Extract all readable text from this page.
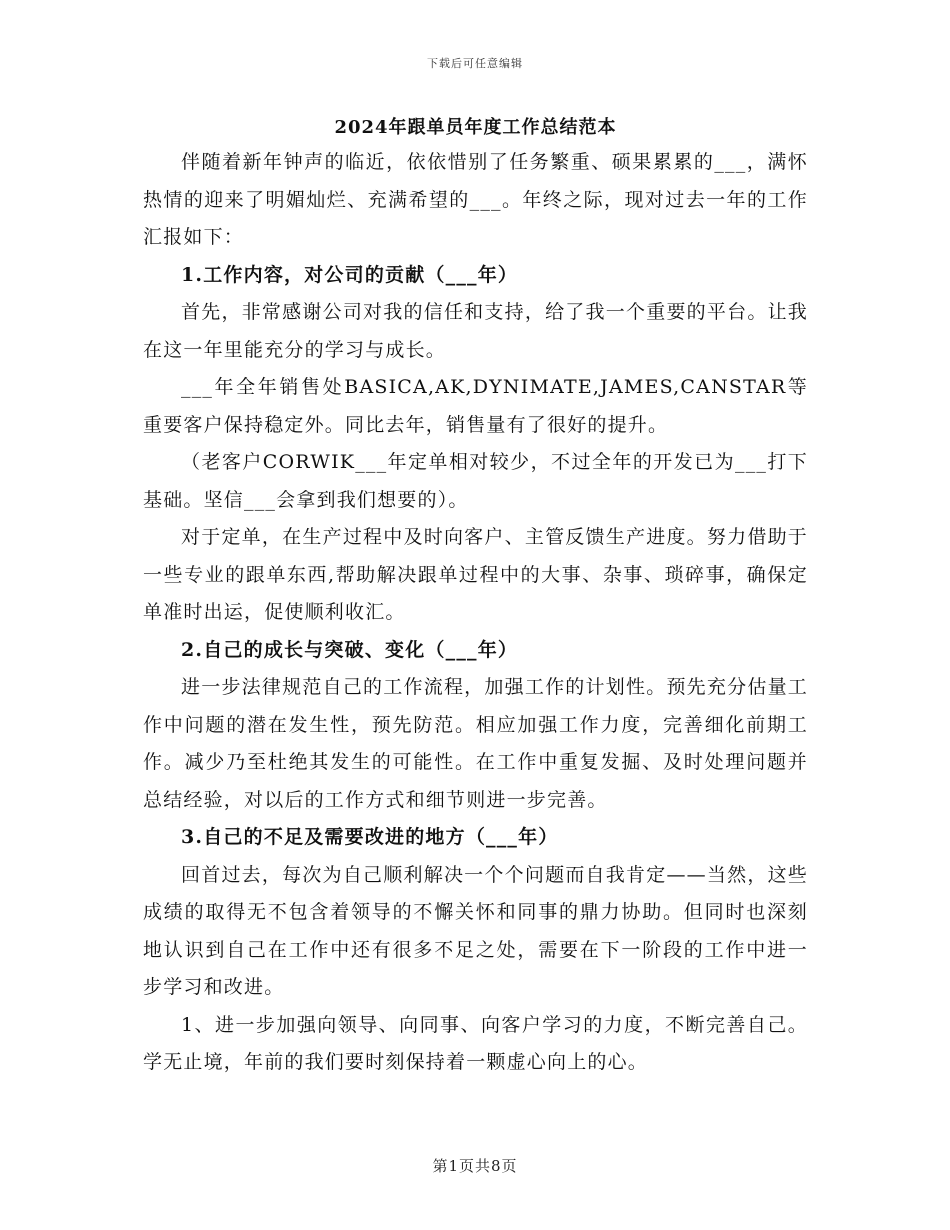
下载后可任意编辑
2024年跟单员年度工作总结范本

伴随着新年钟声的临近，依依惜别了任务繁重、硕果累累的___，满怀热情的迎来了明媚灿烂、充满希望的___。年终之际，现对过去一年的工作汇报如下：

1.工作内容，对公司的贡献（___年）

首先，非常感谢公司对我的信任和支持，给了我一个重要的平台。让我在这一年里能充分的学习与成长。

___年全年销售处BASICA,AK,DYNIMATE,JAMES,CANSTAR等重要客户保持稳定外。同比去年，销售量有了很好的提升。

（老客户CORWIK___年定单相对较少，不过全年的开发已为___打下基础。坚信___会拿到我们想要的）。

对于定单，在生产过程中及时向客户、主管反馈生产进度。努力借助于一些专业的跟单东西,帮助解决跟单过程中的大事、杂事、琐碎事，确保定单准时出运，促使顺利收汇。

2.自己的成长与突破、变化（___年）

进一步法律规范自己的工作流程，加强工作的计划性。预先充分估量工作中问题的潜在发生性，预先防范。相应加强工作力度，完善细化前期工作。减少乃至杜绝其发生的可能性。在工作中重复发掘、及时处理问题并总结经验，对以后的工作方式和细节则进一步完善。

3.自己的不足及需要改进的地方（___年）

回首过去，每次为自己顺利解决一个个问题而自我肯定——当然，这些成绩的取得无不包含着领导的不懈关怀和同事的鼎力协助。但同时也深刻地认识到自己在工作中还有很多不足之处，需要在下一阶段的工作中进一步学习和改进。

1、进一步加强向领导、向同事、向客户学习的力度，不断完善自己。学无止境，年前的我们要时刻保持着一颗虚心向上的心。

第1页共8页
